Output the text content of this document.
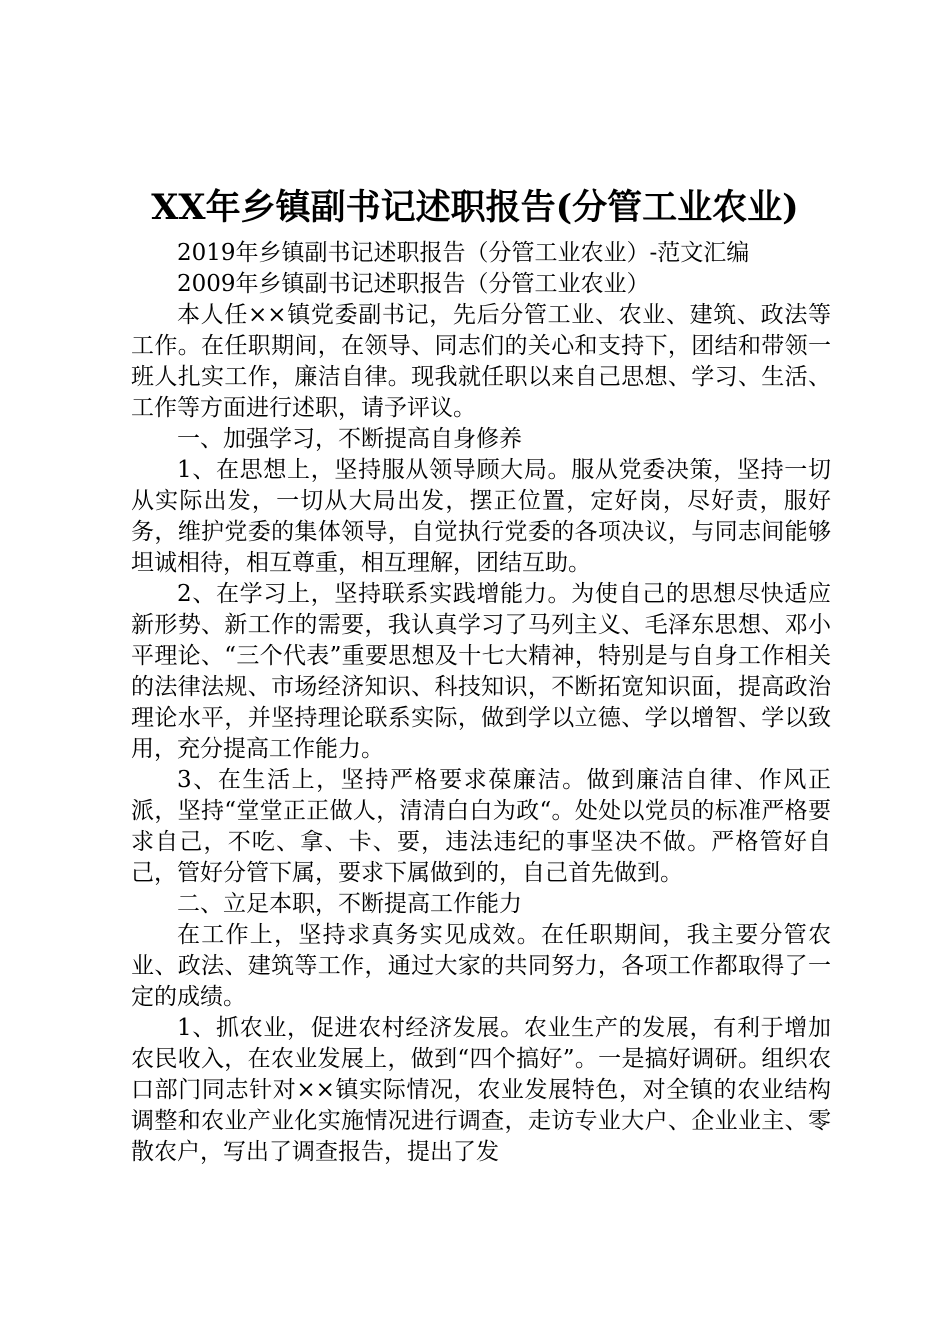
XX年乡镇副书记述职报告(分管工业农业)

2019年乡镇副书记述职报告（分管工业农业）-范文汇编

2009年乡镇副书记述职报告（分管工业农业）

本人任××镇党委副书记，先后分管工业、农业、建筑、政法等工作。在任职期间，在领导、同志们的关心和支持下，团结和带领一班人扎实工作，廉洁自律。现我就任职以来自己思想、学习、生活、工作等方面进行述职，请予评议。

一、加强学习，不断提高自身修养

1、在思想上，坚持服从领导顾大局。服从党委决策，坚持一切从实际出发，一切从大局出发，摆正位置，定好岗，尽好责，服好务，维护党委的集体领导，自觉执行党委的各项决议，与同志间能够坦诚相待，相互尊重，相互理解，团结互助。

2、在学习上，坚持联系实践增能力。为使自己的思想尽快适应新形势、新工作的需要，我认真学习了马列主义、毛泽东思想、邓小平理论、“三个代表”重要思想及十七大精神，特别是与自身工作相关的法律法规、市场经济知识、科技知识，不断拓宽知识面，提高政治理论水平，并坚持理论联系实际，做到学以立德、学以增智、学以致用，充分提高工作能力。

3、在生活上，坚持严格要求葆廉洁。做到廉洁自律、作风正派，坚持“堂堂正正做人，清清白白为政“。处处以党员的标准严格要求自己，不吃、拿、卡、要，违法违纪的事坚决不做。严格管好自己，管好分管下属，要求下属做到的，自己首先做到。

二、立足本职，不断提高工作能力

在工作上，坚持求真务实见成效。在任职期间，我主要分管农业、政法、建筑等工作，通过大家的共同努力，各项工作都取得了一定的成绩。

1、抓农业，促进农村经济发展。农业生产的发展，有利于增加农民收入，在农业发展上，做到“四个搞好”。一是搞好调研。组织农口部门同志针对××镇实际情况，农业发展特色，对全镇的农业结构调整和农业产业化实施情况进行调查，走访专业大户、企业业主、零散农户，写出了调查报告，提出了发
